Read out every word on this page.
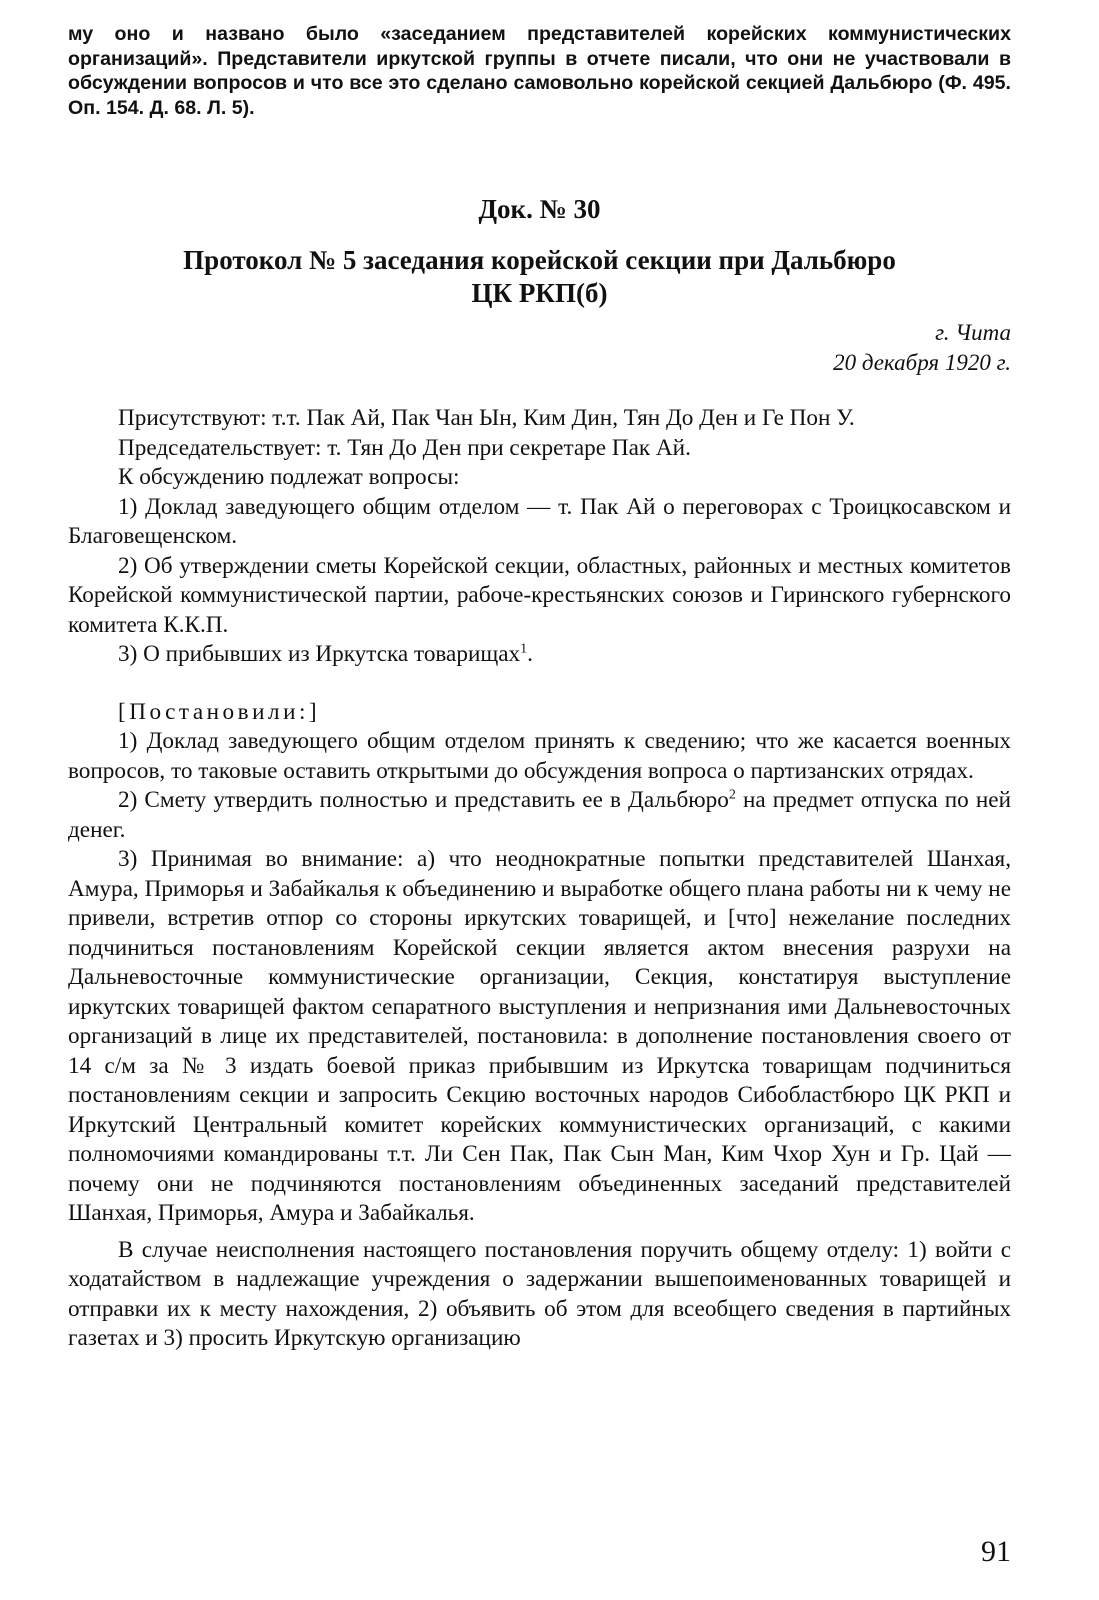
му оно и названо было «заседанием представителей корейских коммунистических организаций». Представители иркутской группы в отчете писали, что они не участвовали в обсуждении вопросов и что все это сделано самовольно корейской секцией Дальбюро (Ф. 495. Оп. 154. Д. 68. Л. 5).

Док. № 30
Протокол № 5 заседания корейской секции при Дальбюро
ЦК РКП(б)
г. Чита
20 декабря 1920 г.

Присутствуют: т.т. Пак Ай, Пак Чан Ын, Ким Дин, Тян До Ден и Ге Пон У.

Председательствует: т. Тян До Ден при секретаре Пак Ай.

К обсуждению подлежат вопросы:

1) Доклад заведующего общим отделом — т. Пак Ай о переговорах с Троицкосавском и Благовещенском.

2) Об утверждении сметы Корейской секции, областных, районных и местных комитетов Корейской коммунистической партии, рабоче-крестьянских союзов и Гиринского губернского комитета К.К.П.

3) О прибывших из Иркутска товарищах$^1$.

[Постановили:]

1) Доклад заведующего общим отделом принять к сведению; что же касается военных вопросов, то таковые оставить открытыми до обсуждения вопроса о партизанских отрядах.

2) Смету утвердить полностью и представить ее в Дальбюро$^2$ на предмет отпуска по ней денег.

3) Принимая во внимание: а) что неоднократные попытки представителей Шанхая, Амура, Приморья и Забайкалья к объединению и выработке общего плана работы ни к чему не привели, встретив отпор со стороны иркутских товарищей, и [что] нежелание последних подчиниться постановлениям Корейской секции является актом внесения разрухи на Дальневосточные коммунистические организации, Секция, констатируя выступление иркутских товарищей фактом сепаратного выступления и непризнания ими Дальневосточных организаций в лице их представителей, постановила: в дополнение постановления своего от 14 с/м за № 3 издать боевой приказ прибывшим из Иркутска товарищам подчиниться постановлениям секции и запросить Секцию восточных народов Сибобластбюро ЦК РКП и Иркутский Центральный комитет корейских коммунистических организаций, с какими полномочиями командированы т.т. Ли Сен Пак, Пак Сын Ман, Ким Чхор Хун и Гр. Цай — почему они не подчиняются постановлениям объединенных заседаний представителей Шанхая, Приморья, Амура и Забайкалья.

В случае неисполнения настоящего постановления поручить общему отделу: 1) войти с ходатайством в надлежащие учреждения о задержании вышепоименованных товарищей и отправки их к месту нахождения, 2) объявить об этом для всеобщего сведения в партийных газетах и 3) просить Иркутскую организацию

91
